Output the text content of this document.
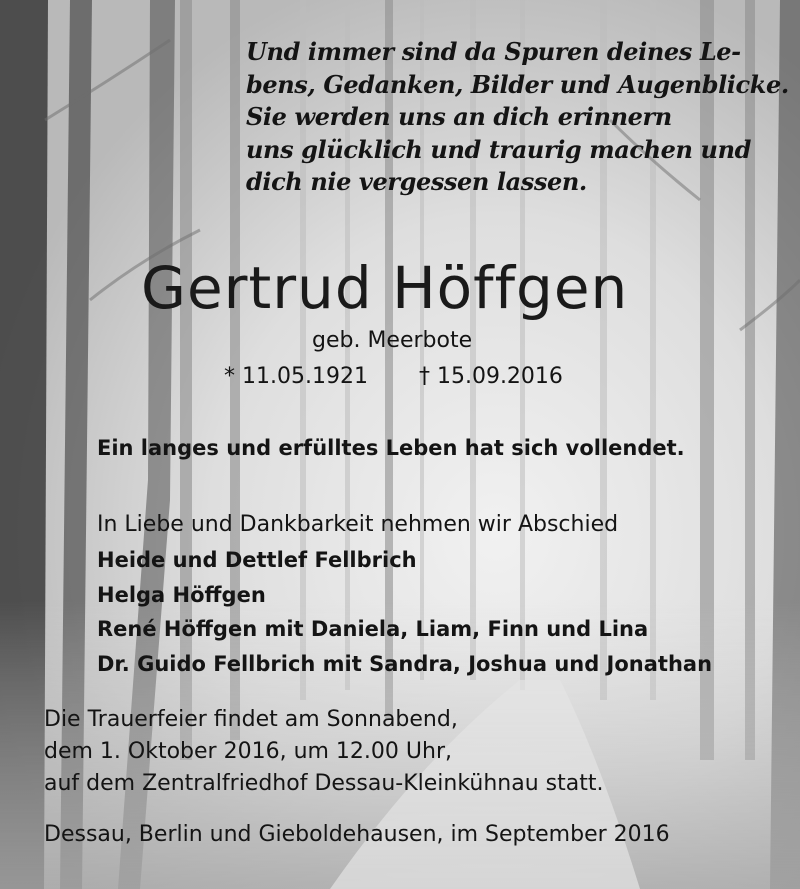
Und immer sind da Spuren deines Le-
bens, Gedanken, Bilder und Augenblicke.
Sie werden uns an dich erinnern
uns glücklich und traurig machen und
dich nie vergessen lassen.
Gertrud Höffgen
geb. Meerbote
* 11.05.1921 † 15.09.2016
Ein langes und erfülltes Leben hat sich vollendet.
In Liebe und Dankbarkeit nehmen wir Abschied
Heide und Dettlef Fellbrich
Helga Höffgen
René Höffgen mit Daniela, Liam, Finn und Lina
Dr. Guido Fellbrich mit Sandra, Joshua und Jonathan
Die Trauerfeier findet am Sonnabend,
dem 1. Oktober 2016, um 12.00 Uhr,
auf dem Zentralfriedhof Dessau-Kleinkühnau statt.
Dessau, Berlin und Gieboldehausen, im September 2016
